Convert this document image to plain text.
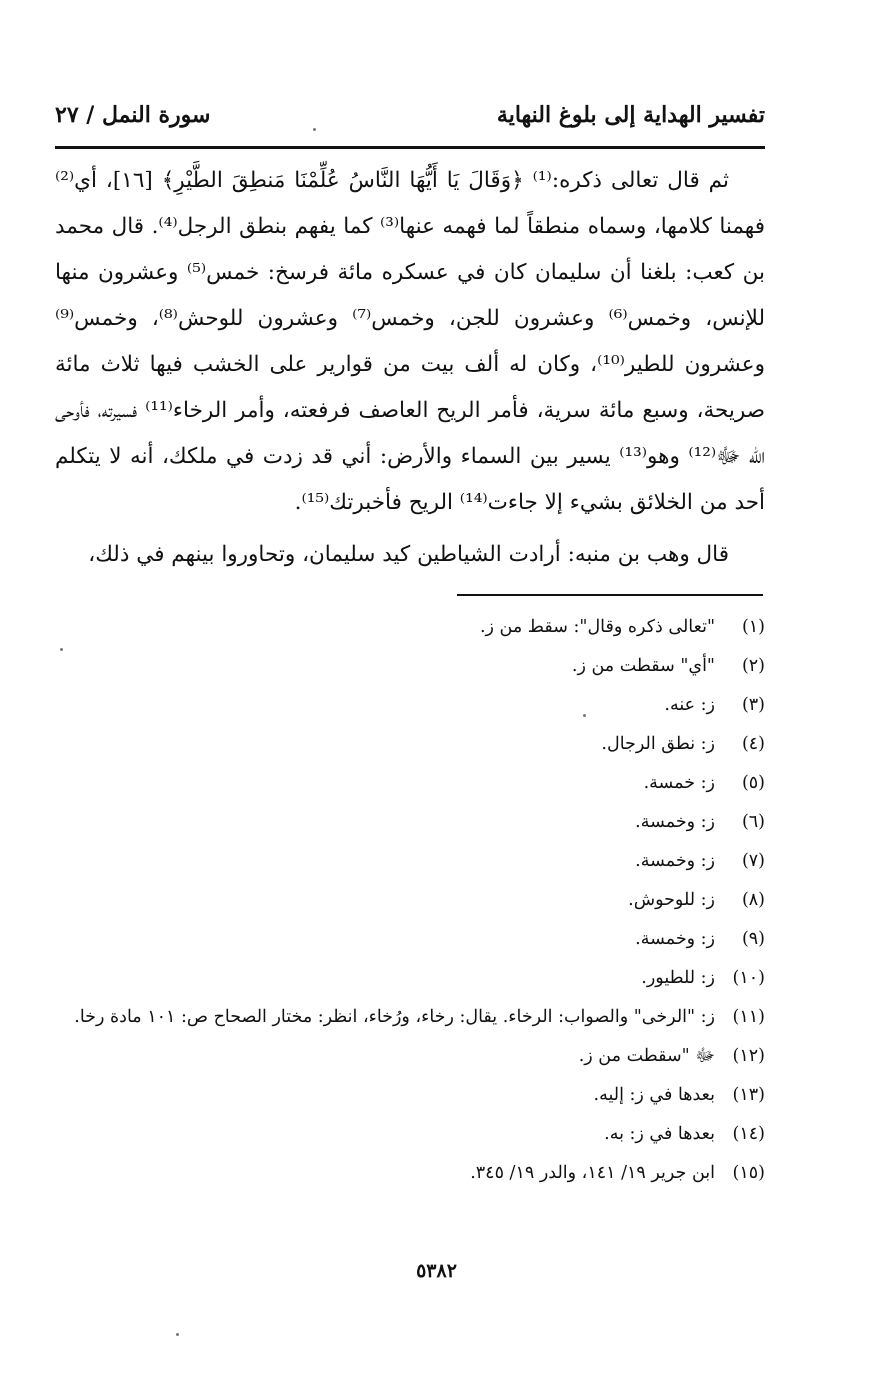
تفسير الهداية إلى بلوغ النهاية
سورة النمل / ٢٧

ثم قال تعالى ذكره:⁽¹⁾ ﴿وَقَالَ يَا أَيُّهَا النَّاسُ عُلِّمْنَا مَنطِقَ الطَّيْرِ﴾ [١٦]، أي⁽²⁾ فهمنا كلامها، وسماه منطقاً لما فهمه عنها⁽³⁾ كما يفهم بنطق الرجل⁽⁴⁾. قال محمد بن كعب: بلغنا أن سليمان كان في عسكره مائة فرسخ: خمس⁽⁵⁾ وعشرون منها للإنس، وخمس⁽⁶⁾ وعشرون للجن، وخمس⁽⁷⁾ وعشرون للوحش⁽⁸⁾، وخمس⁽⁹⁾ وعشرون للطير⁽¹⁰⁾، وكان له ألف بيت من قوارير على الخشب فيها ثلاث مائة صريحة، وسبع مائة سرية، فأمر الريح العاصف فرفعته، وأمر الرخاء⁽¹¹⁾ فسيرته، فأوحى الله ﷻ⁽¹²⁾ وهو⁽¹³⁾ يسير بين السماء والأرض: أني قد زدت في ملكك، أنه لا يتكلم أحد من الخلائق بشيء إلا جاءت⁽¹⁴⁾ الريح فأخبرتك⁽¹⁵⁾.

قال وهب بن منبه: أرادت الشياطين كيد سليمان، وتحاوروا بينهم في ذلك،

(١)
"تعالى ذكره وقال": سقط من ز.
(٢)
"أي" سقطت من ز.
(٣)
ز: عنه.
(٤)
ز: نطق الرجال.
(٥)
ز: خمسة.
(٦)
ز: وخمسة.
(٧)
ز: وخمسة.
(٨)
ز: للوحوش.
(٩)
ز: وخمسة.
(١٠)
ز: للطيور.
(١١)
ز: "الرخى" والصواب: الرخاء. يقال: رخاء، ورُخاء، انظر: مختار الصحاح ص: ١٠١ مادة رخا.
(١٢)
ﷻ "سقطت من ز.
(١٣)
بعدها في ز: إليه.
(١٤)
بعدها في ز: به.
(١٥)
ابن جرير ١٩/ ١٤١، والدر ١٩/ ٣٤٥.
٥٣٨٢
